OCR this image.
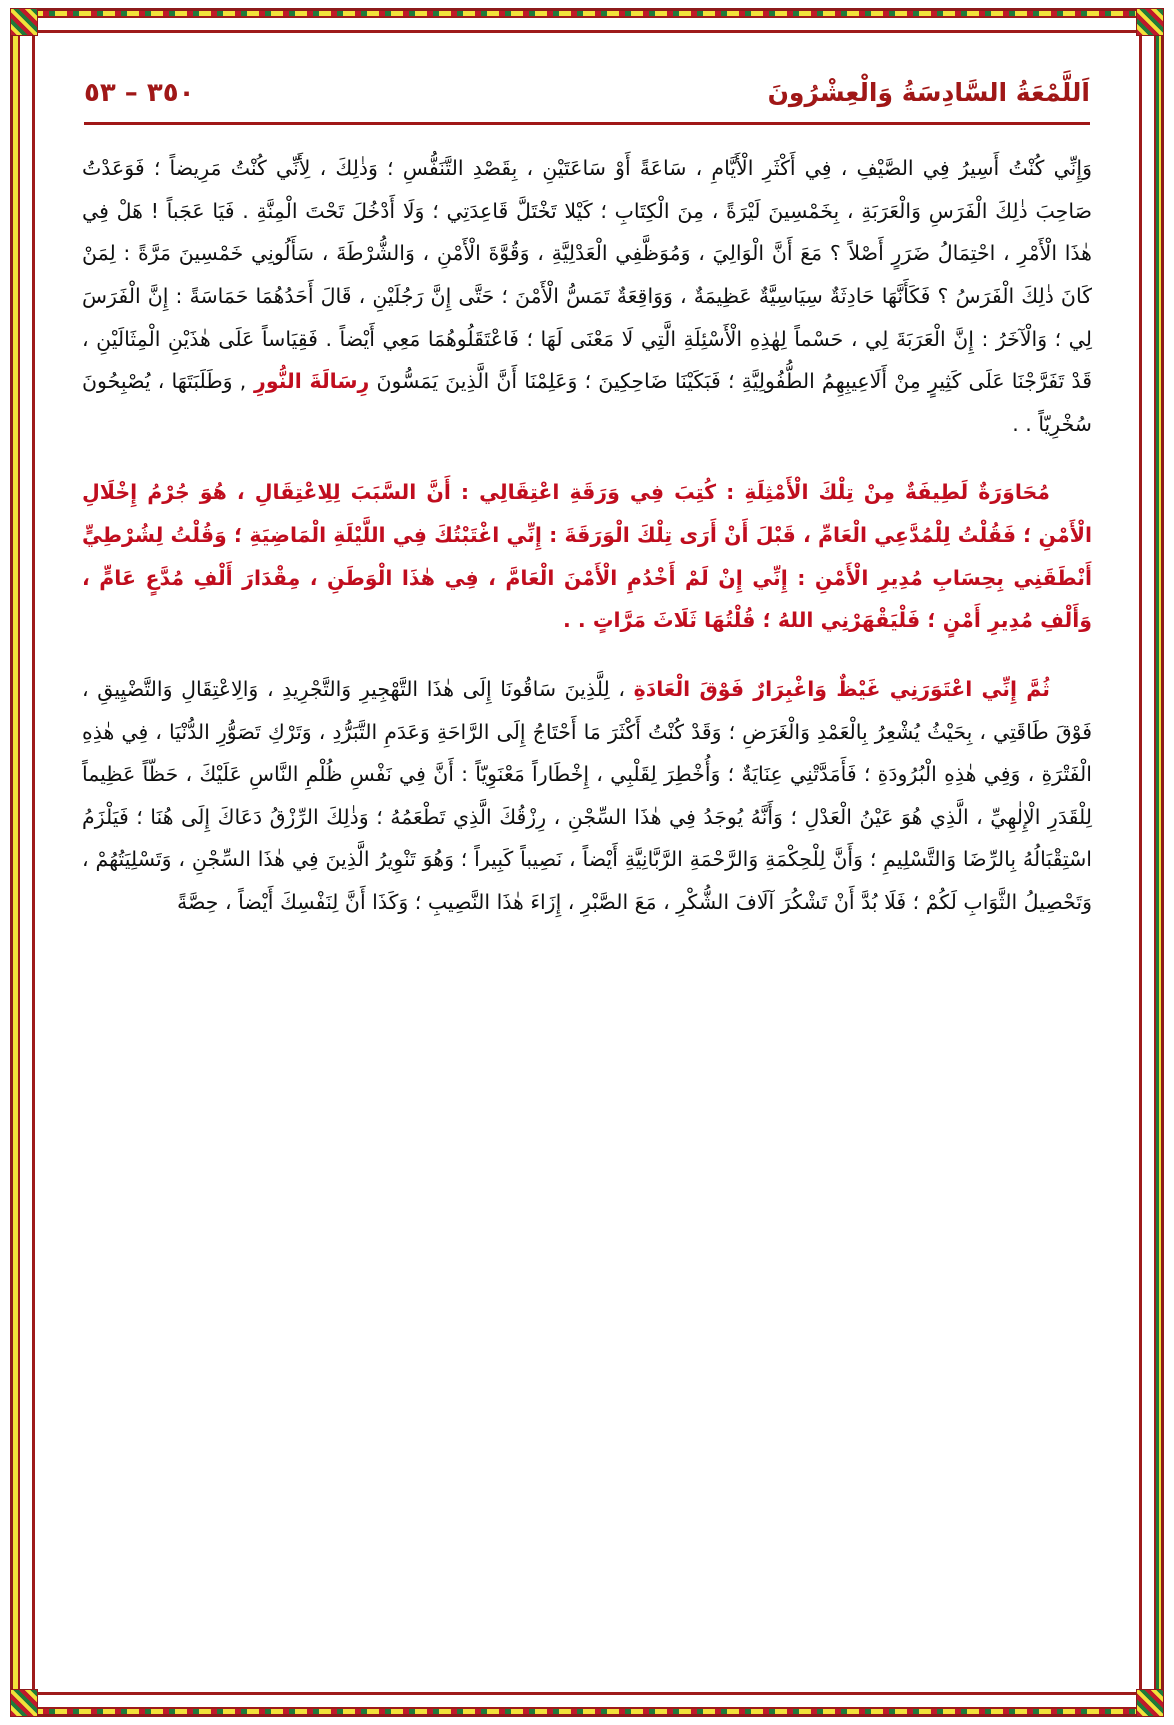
اَللَّمْعَةُ السَّادِسَةُ وَالْعِشْرُونَ
٣٥٠ – ٥٣

وَإِنِّي كُنْتُ أَسِيرُ فِي الصَّيْفِ ، فِي أَكْثَرِ الْأَيَّامِ ، سَاعَةً أَوْ سَاعَتَيْنِ ، بِقَصْدِ التَّنَفُّسِ ؛ وَذٰلِكَ ، لِأَنِّي كُنْتُ مَرِيضاً ؛ فَوَعَدْتُ صَاحِبَ ذٰلِكَ الْفَرَسِ وَالْعَرَبَةِ ، بِخَمْسِينَ لَيْرَةً ، مِنَ الْكِتَابِ ؛ كَيْلا تَخْتَلَّ قَاعِدَتِي ؛ وَلَا أَدْخُلَ تَحْتَ الْمِنَّةِ . فَيَا عَجَباً ! هَلْ فِي هٰذَا الْأَمْرِ ، احْتِمَالُ ضَرَرٍ أَصْلاً ؟ مَعَ أَنَّ الْوَالِيَ ، وَمُوَظَّفِي الْعَدْلِيَّةِ ، وَقُوَّةَ الْأَمْنِ ، وَالشُّرْطَةَ ، سَأَلُونِي خَمْسِينَ مَرَّةً : لِمَنْ كَانَ ذٰلِكَ الْفَرَسُ ؟ فَكَأَنَّهَا حَادِثَةٌ سِيَاسِيَّةٌ عَظِيمَةٌ ، وَوَاقِعَةٌ تَمَسُّ الْأَمْنَ ؛ حَتَّى إِنَّ رَجُلَيْنِ ، قَالَ أَحَدُهُمَا حَمَاسَةً : إِنَّ الْفَرَسَ لِي ؛ وَالْآخَرُ : إِنَّ الْعَرَبَةَ لِي ، حَسْماً لِهٰذِهِ الْأَسْئِلَةِ الَّتِي لَا مَعْنَى لَهَا ؛ فَاعْتَقَلُوهُمَا مَعِي أَيْضاً . فَقِيَاساً عَلَى هٰذَيْنِ الْمِثَالَيْنِ ، قَدْ تَفَرَّجْنَا عَلَى كَثِيرٍ مِنْ أَلَاعِيبِهِمُ الطُّفُولِيَّةِ ؛ فَبَكَيْنَا ضَاحِكِينَ ؛ وَعَلِمْنَا أَنَّ الَّذِينَ يَمَسُّونَ رِسَالَةَ النُّورِ , وَطَلَبَتَهَا ، يُصْبِحُونَ سُخْرِيّاً . .

مُحَاوَرَةٌ لَطِيفَةٌ مِنْ تِلْكَ الْأَمْثِلَةِ : كُتِبَ فِي وَرَقَةِ اعْتِقَالِي : أَنَّ السَّبَبَ لِلِاعْتِقَالِ ، هُوَ جُرْمُ إِخْلَالِ الْأَمْنِ ؛ فَقُلْتُ لِلْمُدَّعِي الْعَامِّ ، قَبْلَ أَنْ أَرَى تِلْكَ الْوَرَقَةَ : إِنِّي اغْتَبْتُكَ فِي اللَّيْلَةِ الْمَاضِيَةِ ؛ وَقُلْتُ لِشُرْطِيٍّ أَنْطَقَنِي بِحِسَابِ مُدِيرِ الْأَمْنِ : إِنِّي إِنْ لَمْ أَخْدُمِ الْأَمْنَ الْعَامَّ ، فِي هٰذَا الْوَطَنِ ، مِقْدَارَ أَلْفِ مُدَّعٍ عَامٍّ ، وَأَلْفِ مُدِيرِ أَمْنٍ ؛ فَلْيَقْهَرْنِي اللهُ ؛ قُلْتُهَا ثَلَاثَ مَرَّاتٍ . .

ثُمَّ إِنِّي اعْتَوَرَنِي غَيْظٌ وَاغْبِرَارٌ فَوْقَ الْعَادَةِ ، لِلَّذِينَ سَاقُونَا إِلَى هٰذَا التَّهْجِيرِ وَالتَّجْرِيدِ ، وَالِاعْتِقَالِ وَالتَّضْيِيقِ ، فَوْقَ طَاقَتِي ، بِحَيْثُ يُشْعِرُ بِالْعَمْدِ وَالْغَرَضِ ؛ وَقَدْ كُنْتُ أَكْثَرَ مَا أَحْتَاجُ إِلَى الرَّاحَةِ وَعَدَمِ التَّبَرُّدِ ، وَتَرْكِ تَصَوُّرِ الدُّنْيَا ، فِي هٰذِهِ الْفَتْرَةِ ، وَفِي هٰذِهِ الْبُرُودَةِ ؛ فَأَمَدَّتْنِي عِنَايَةٌ ؛ وَأُخْطِرَ لِقَلْبِي ، إِخْطَاراً مَعْنَوِيّاً : أَنَّ فِي نَفْسِ ظُلْمِ النَّاسِ عَلَيْكَ ، حَظّاً عَظِيماً لِلْقَدَرِ الْإِلٰهِيِّ ، الَّذِي هُوَ عَيْنُ الْعَدْلِ ؛ وَأَنَّهُ يُوجَدُ فِي هٰذَا السِّجْنِ ، رِزْقُكَ الَّذِي تَطْعَمُهُ ؛ وَذٰلِكَ الرِّزْقُ دَعَاكَ إِلَى هُنَا ؛ فَيَلْزَمُ اسْتِقْبَالُهُ بِالرِّضَا وَالتَّسْلِيمِ ؛ وَأَنَّ لِلْحِكْمَةِ وَالرَّحْمَةِ الرَّبَّانِيَّةِ أَيْضاً ، نَصِيباً كَبِيراً ؛ وَهُوَ تَنْوِيرُ الَّذِينَ فِي هٰذَا السِّجْنِ ، وَتَسْلِيَتُهُمْ ، وَتَحْصِيلُ الثَّوَابِ لَكُمْ ؛ فَلَا بُدَّ أَنْ تَشْكُرَ آلَافَ الشُّكْرِ ، مَعَ الصَّبْرِ ، إِزَاءَ هٰذَا النَّصِيبِ ؛ وَكَذَا أَنَّ لِنَفْسِكَ أَيْضاً ، حِصَّةً
